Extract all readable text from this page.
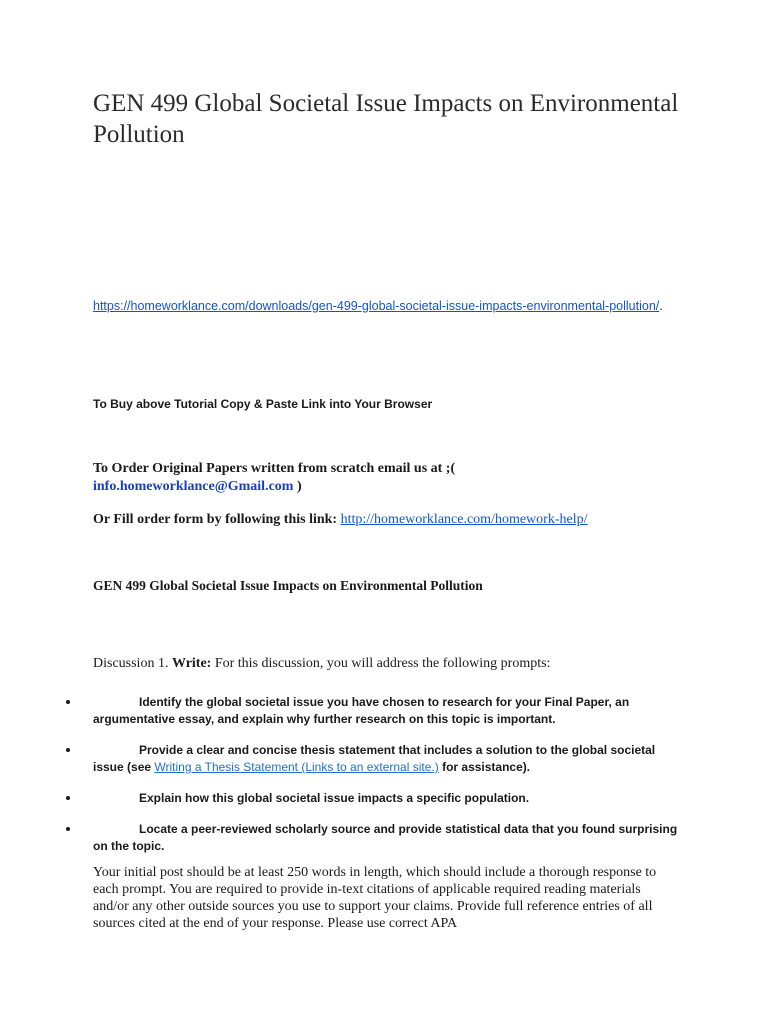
GEN 499 Global Societal Issue Impacts on Environmental Pollution
https://homeworklance.com/downloads/gen-499-global-societal-issue-impacts-environmental-pollution/.
To Buy above Tutorial Copy & Paste Link into Your Browser
To Order Original Papers written from scratch email us at ;(
info.homeworklance@Gmail.com )
Or Fill order form by following this link: http://homeworklance.com/homework-help/
GEN 499 Global Societal Issue Impacts on Environmental Pollution
Discussion 1. Write: For this discussion, you will address the following prompts:
Identify the global societal issue you have chosen to research for your Final Paper, an argumentative essay, and explain why further research on this topic is important.
Provide a clear and concise thesis statement that includes a solution to the global societal issue (see Writing a Thesis Statement (Links to an external site.) for assistance).
Explain how this global societal issue impacts a specific population.
Locate a peer-reviewed scholarly source and provide statistical data that you found surprising on the topic.
Your initial post should be at least 250 words in length, which should include a thorough response to each prompt. You are required to provide in-text citations of applicable required reading materials and/or any other outside sources you use to support your claims. Provide full reference entries of all sources cited at the end of your response. Please use correct APA
